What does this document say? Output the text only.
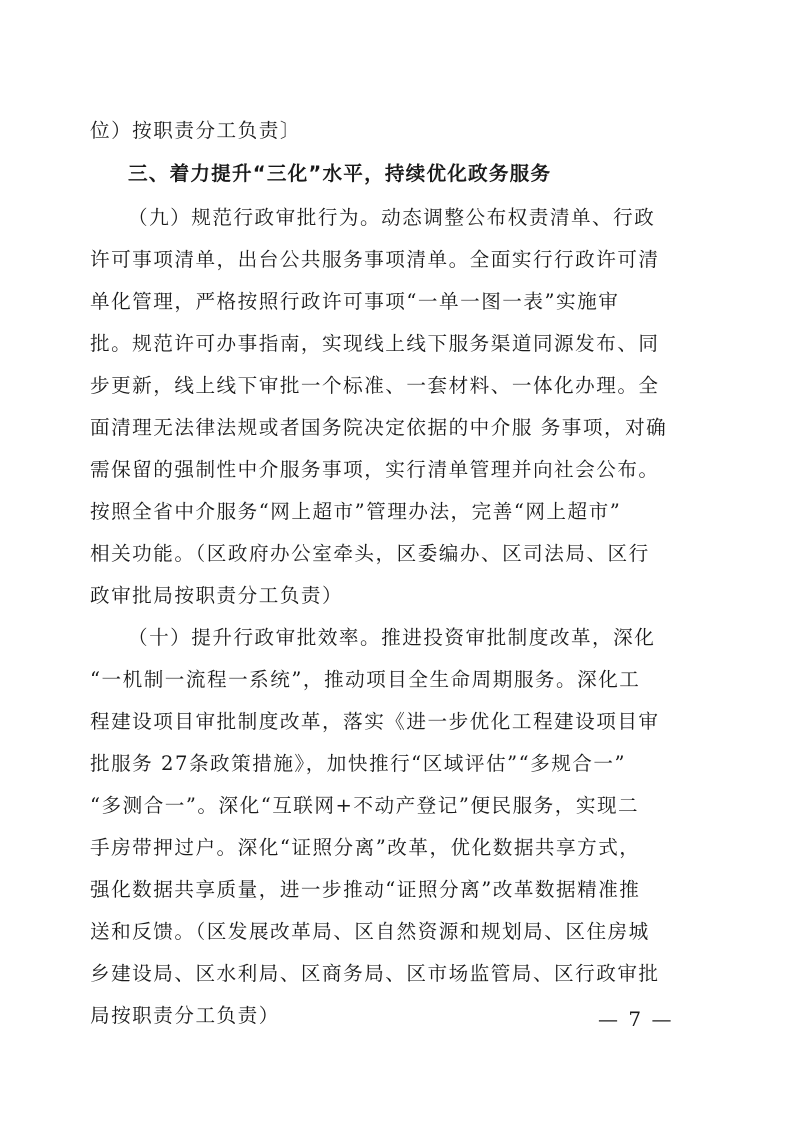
位）按职责分工负责〕
三、着力提升“三化”水平，持续优化政务服务
（九）规范行政审批行为。动态调整公布权责清单、行政
许可事项清单，出台公共服务事项清单。全面实行行政许可清
单化管理，严格按照行政许可事项“一单一图一表”实施审
批。规范许可办事指南，实现线上线下服务渠道同源发布、同
步更新，线上线下审批一个标准、一套材料、一体化办理。全
面清理无法律法规或者国务院决定依据的中介服 务事项，对确
需保留的强制性中介服务事项，实行清单管理并向社会公布。
按照全省中介服务“网上超市”管理办法，完善“网上超市”
相关功能。（区政府办公室牵头，区委编办、区司法局、区行
政审批局按职责分工负责）
（十）提升行政审批效率。推进投资审批制度改革，深化
“一机制一流程一系统”，推动项目全生命周期服务。深化工
程建设项目审批制度改革，落实《进一步优化工程建设项目审
批服务 27条政策措施》，加快推行“区域评估”“多规合一”
“多测合一”。深化“互联网+不动产登记”便民服务，实现二
手房带押过户。深化“证照分离”改革，优化数据共享方式，
强化数据共享质量，进一步推动“证照分离”改革数据精准推
送和反馈。（区发展改革局、区自然资源和规划局、区住房城
乡建设局、区水利局、区商务局、区市场监管局、区行政审批
局按职责分工负责）	— 7 —
